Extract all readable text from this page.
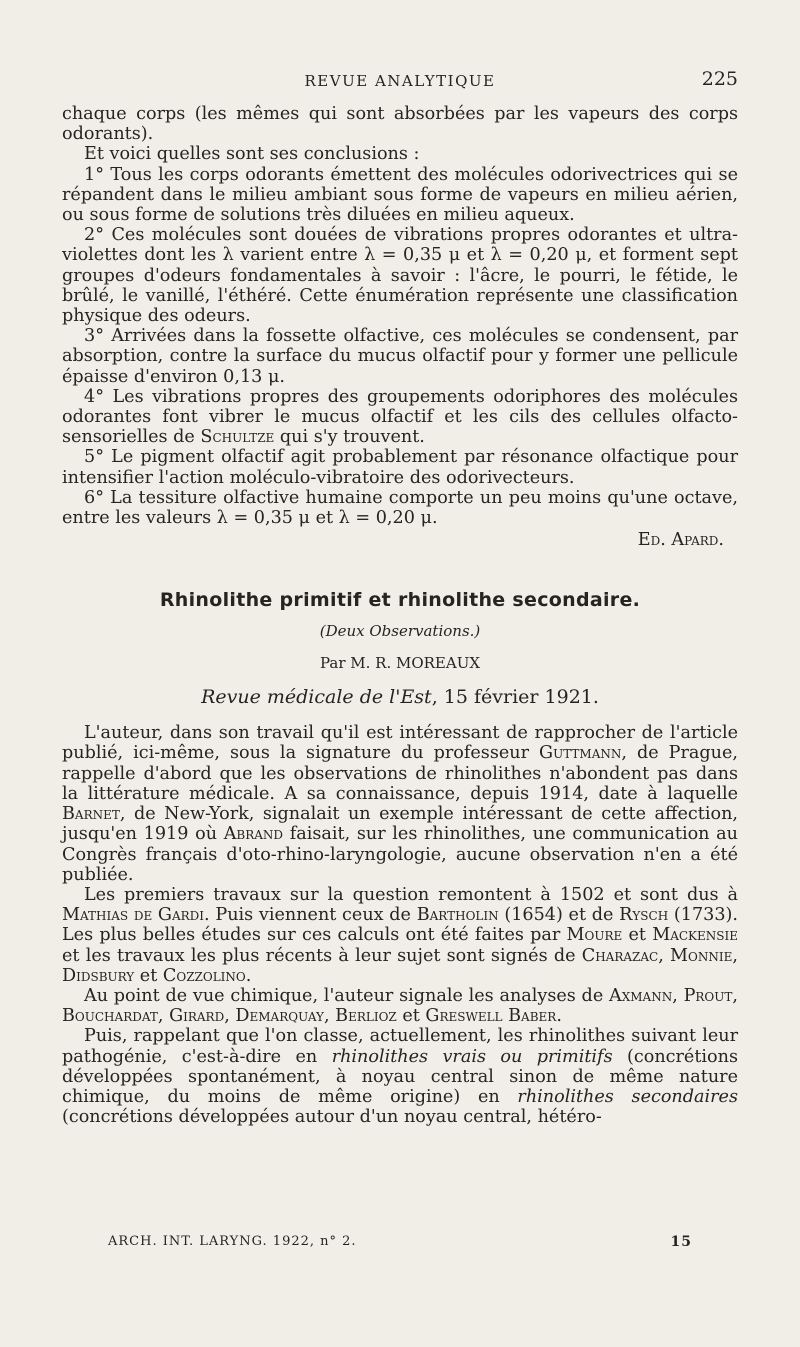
REVUE ANALYTIQUE	225

chaque corps (les mêmes qui sont absorbées par les vapeurs des corps odorants).

Et voici quelles sont ses conclusions :

1° Tous les corps odorants émettent des molécules odorivectrices qui se répandent dans le milieu ambiant sous forme de vapeurs en milieu aérien, ou sous forme de solutions très diluées en milieu aqueux.

2° Ces molécules sont douées de vibrations propres odorantes et ultra-violettes dont les λ varient entre λ = 0,35 μ et λ = 0,20 μ, et forment sept groupes d'odeurs fondamentales à savoir : l'âcre, le pourri, le fétide, le brûlé, le vanillé, l'éthéré. Cette énumération représente une classification physique des odeurs.

3° Arrivées dans la fossette olfactive, ces molécules se condensent, par absorption, contre la surface du mucus olfactif pour y former une pellicule épaisse d'environ 0,13 μ.

4° Les vibrations propres des groupements odoriphores des molécules odorantes font vibrer le mucus olfactif et les cils des cellules olfacto-sensorielles de Schultze qui s'y trouvent.

5° Le pigment olfactif agit probablement par résonance olfactique pour intensifier l'action moléculo-vibratoire des odorivecteurs.

6° La tessiture olfactive humaine comporte un peu moins qu'une octave, entre les valeurs λ = 0,35 μ et λ = 0,20 μ.

Ed. Apard.

Rhinolithe primitif et rhinolithe secondaire.

(Deux Observations.)

Par M. R. MOREAUX

Revue médicale de l'Est, 15 février 1921.

L'auteur, dans son travail qu'il est intéressant de rapprocher de l'article publié, ici-même, sous la signature du professeur Guttmann, de Prague, rappelle d'abord que les observations de rhinolithes n'abondent pas dans la littérature médicale. A sa connaissance, depuis 1914, date à laquelle Barnet, de New-York, signalait un exemple intéressant de cette affection, jusqu'en 1919 où Abrand faisait, sur les rhinolithes, une communication au Congrès français d'oto-rhino-laryngologie, aucune observation n'en a été publiée.

Les premiers travaux sur la question remontent à 1502 et sont dus à Mathias de Gardi. Puis viennent ceux de Bartholin (1654) et de Rysch (1733). Les plus belles études sur ces calculs ont été faites par Moure et Mackensie et les travaux les plus récents à leur sujet sont signés de Charazac, Monnie, Didsbury et Cozzolino.

Au point de vue chimique, l'auteur signale les analyses de Axmann, Prout, Bouchardat, Girard, Demarquay, Berlioz et Greswell Baber.

Puis, rappelant que l'on classe, actuellement, les rhinolithes suivant leur pathogénie, c'est-à-dire en rhinolithes vrais ou primitifs (concrétions développées spontanément, à noyau central sinon de même nature chimique, du moins de même origine) en rhinolithes secondaires (concrétions développées autour d'un noyau central, hétéro-

ARCH. INT. LARYNG. 1922, n° 2.	15
